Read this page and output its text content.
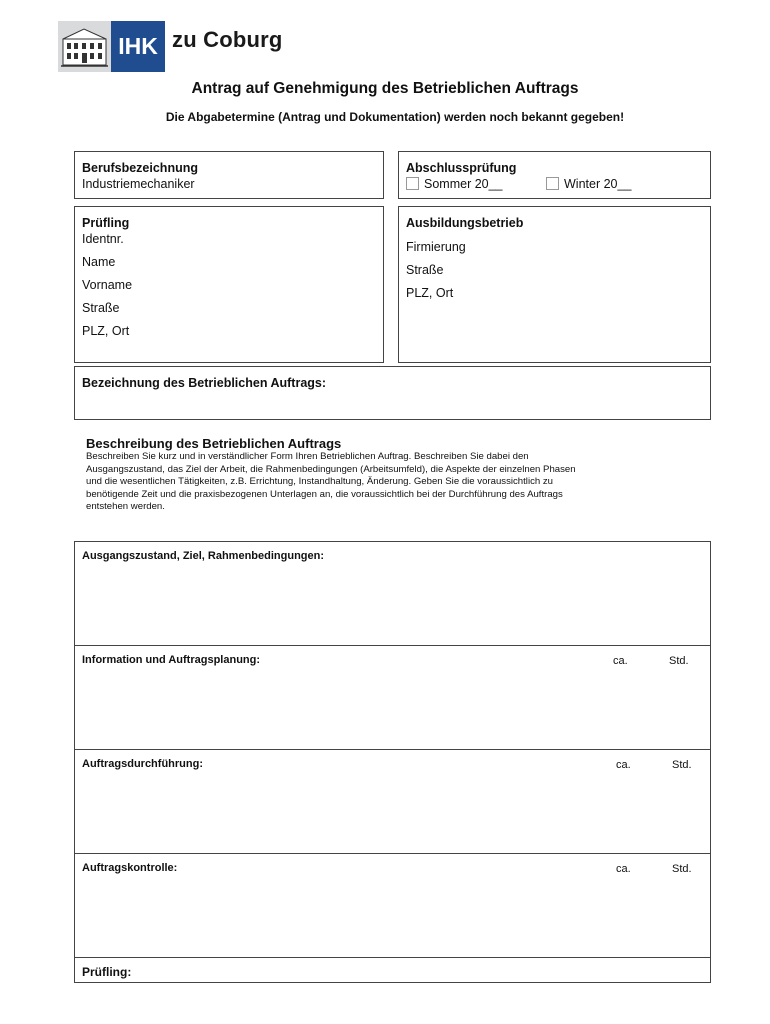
IHK zu Coburg
Antrag auf Genehmigung des Betrieblichen Auftrags
Die Abgabetermine (Antrag und Dokumentation) werden noch bekannt gegeben!
Berufsbezeichnung
Industriemechaniker
Abschlussprüfung
Sommer 20__	Winter 20__
Prüfling
Identnr.
Name
Vorname
Straße
PLZ, Ort
Ausbildungsbetrieb
Firmierung
Straße
PLZ, Ort
Bezeichnung des Betrieblichen Auftrags:
Beschreibung des Betrieblichen Auftrags
Beschreiben Sie kurz und in verständlicher Form Ihren Betrieblichen Auftrag. Beschreiben Sie dabei den
Ausgangszustand, das Ziel der Arbeit, die Rahmenbedingungen (Arbeitsumfeld), die Aspekte der einzelnen Phasen
und die wesentlichen Tätigkeiten, z.B. Errichtung, Instandhaltung, Änderung. Geben Sie die voraussichtlich zu
benötigende Zeit und die praxisbezogenen Unterlagen an, die voraussichtlich bei der Durchführung des Auftrags
entstehen werden.
Ausgangszustand, Ziel, Rahmenbedingungen:
Information und Auftragsplanung:	ca.	Std.
Auftragsdurchführung:	ca.	Std.
Auftragskontrolle:	ca.	Std.
Prüfling:
